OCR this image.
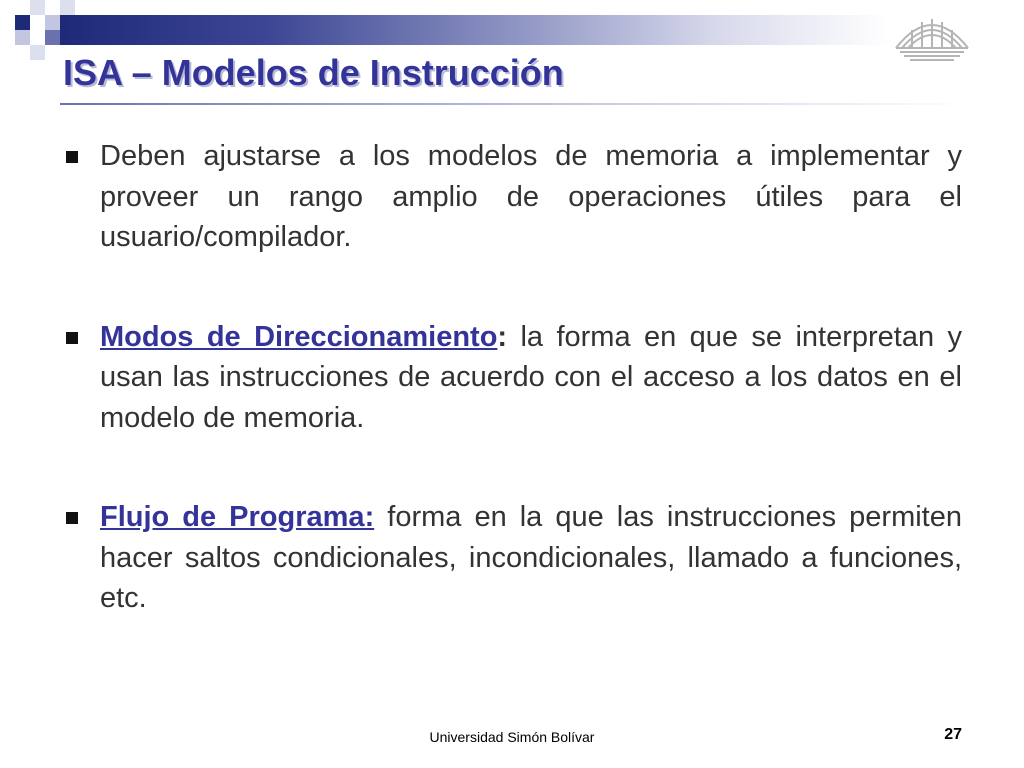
ISA – Modelos de Instrucción
Deben ajustarse a los modelos de memoria a implementar y proveer un rango amplio de operaciones útiles para el usuario/compilador.
Modos de Direccionamiento: la forma en que se interpretan y usan las instrucciones de acuerdo con el acceso a los datos en el modelo de memoria.
Flujo de Programa: forma en la que las instrucciones permiten hacer saltos condicionales, incondicionales, llamado a funciones, etc.
Universidad Simón Bolívar	27
